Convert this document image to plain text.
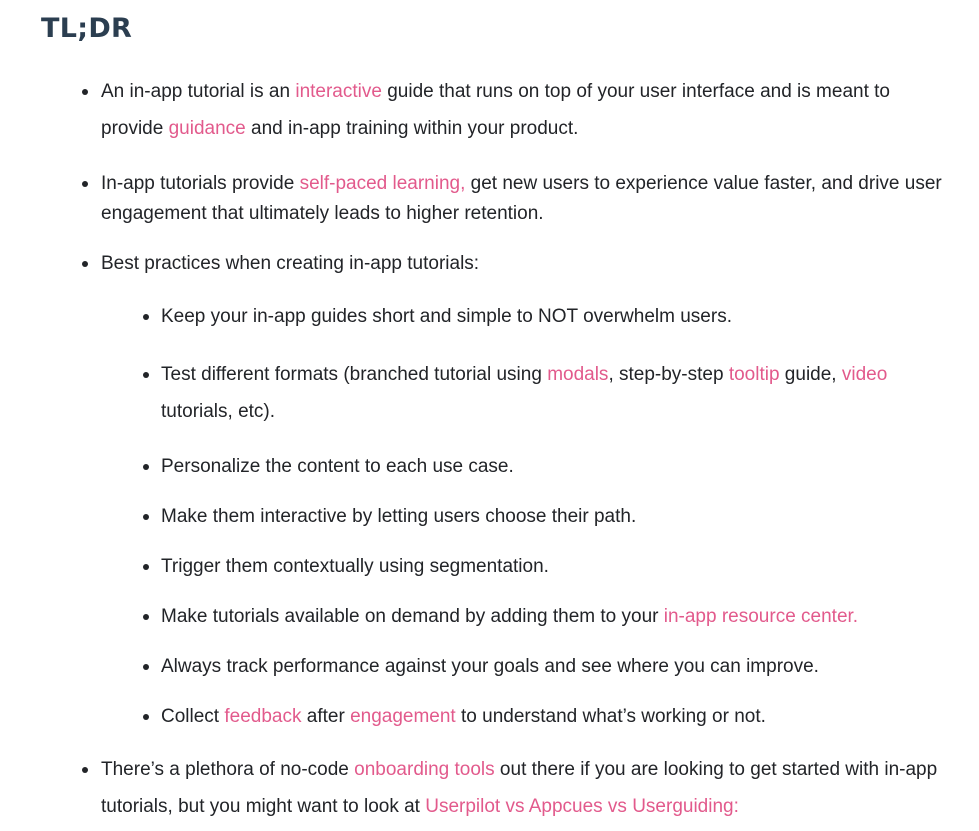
TL;DR

An in-app tutorial is an interactive guide that runs on top of your user interface and is meant to provide guidance and in-app training within your product.

In-app tutorials provide self-paced learning, get new users to experience value faster, and drive user engagement that ultimately leads to higher retention.

Best practices when creating in-app tutorials:

Keep your in-app guides short and simple to NOT overwhelm users.

Test different formats (branched tutorial using modals, step-by-step tooltip guide, video tutorials, etc).

Personalize the content to each use case.

Make them interactive by letting users choose their path.

Trigger them contextually using segmentation.

Make tutorials available on demand by adding them to your in-app resource center.

Always track performance against your goals and see where you can improve.

Collect feedback after engagement to understand what’s working or not.

There’s a plethora of no-code onboarding tools out there if you are looking to get started with in-app tutorials, but you might want to look at Userpilot vs Appcues vs Userguiding:
